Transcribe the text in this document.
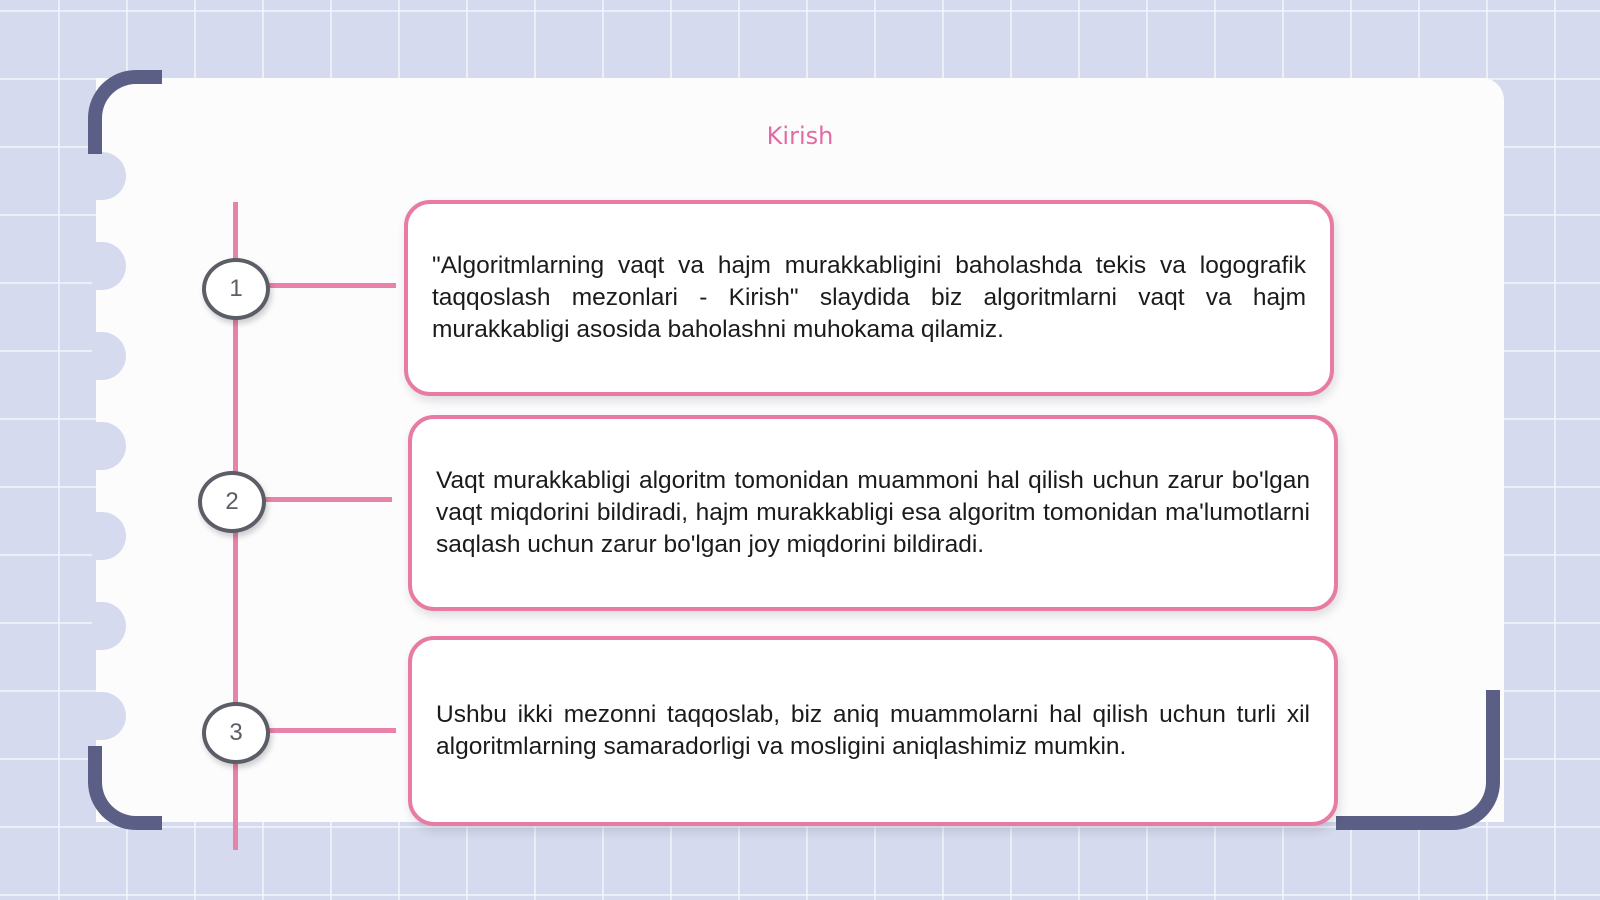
Kirish
1
2
3

"Algoritmlarning vaqt va hajm murakkabligini baholashda tekis va logografik taqqoslash mezonlari - Kirish" slaydida biz algoritmlarni vaqt va hajm murakkabligi asosida baholashni muhokama qilamiz.

Vaqt murakkabligi algoritm tomonidan muammoni hal qilish uchun zarur bo'lgan vaqt miqdorini bildiradi, hajm murakkabligi esa algoritm tomonidan ma'lumotlarni saqlash uchun zarur bo'lgan joy miqdorini bildiradi.

Ushbu ikki mezonni taqqoslab, biz aniq muammolarni hal qilish uchun turli xil algoritmlarning samaradorligi va mosligini aniqlashimiz mumkin.
